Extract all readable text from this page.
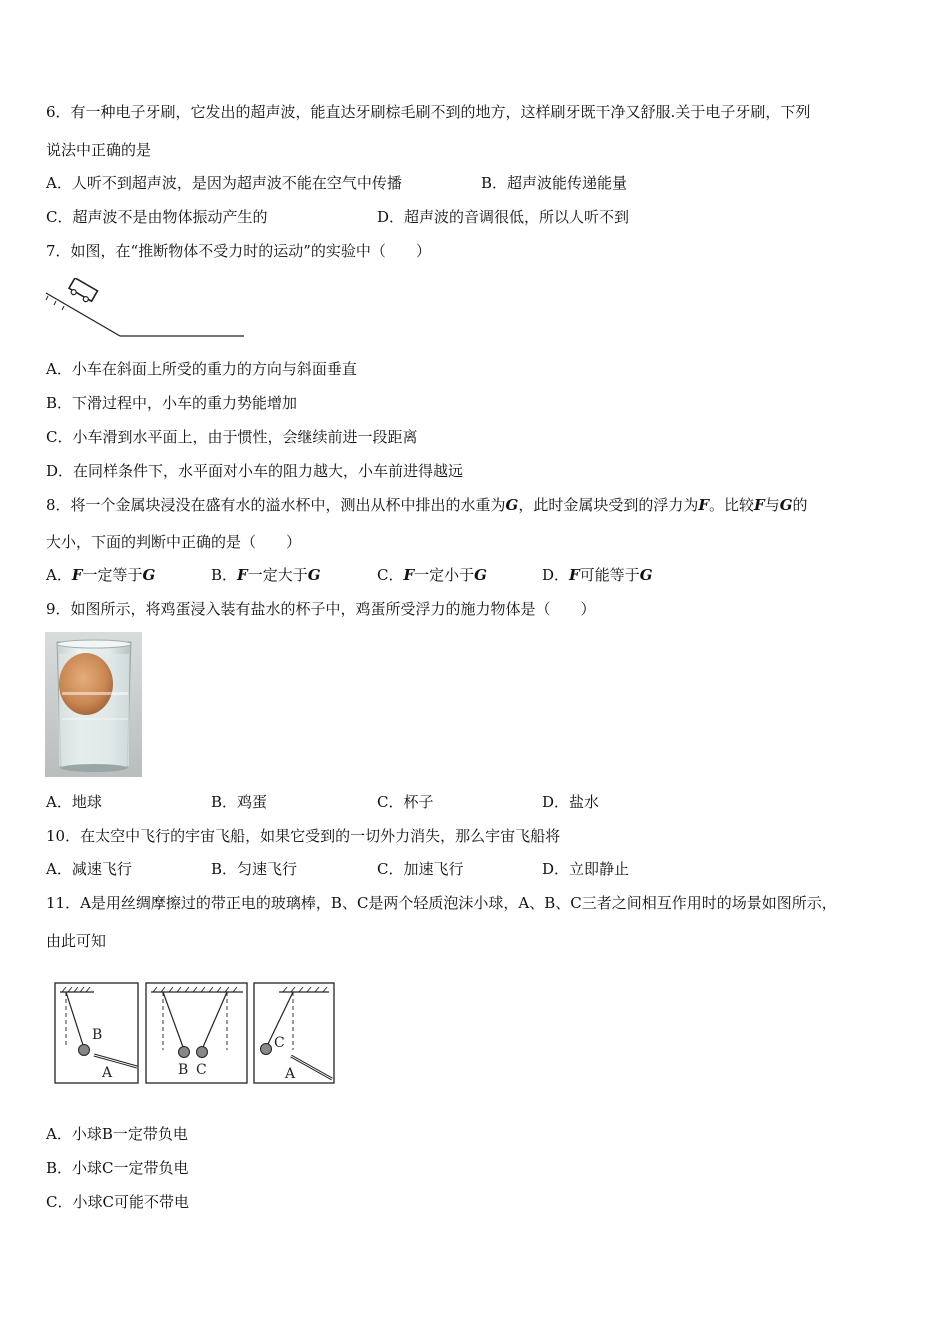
6．有一种电子牙刷，它发出的超声波，能直达牙刷棕毛刷不到的地方，这样刷牙既干净又舒服.关于电子牙刷，下列
说法中正确的是
A．人听不到超声波，是因为超声波不能在空气中传播	B．超声波能传递能量
C．超声波不是由物体振动产生的	D．超声波的音调很低，所以人听不到
7．如图，在“推断物体不受力时的运动”的实验中（　　）
A．小车在斜面上所受的重力的方向与斜面垂直
B．下滑过程中，小车的重力势能增加
C．小车滑到水平面上，由于惯性，会继续前进一段距离
D．在同样条件下，水平面对小车的阻力越大，小车前进得越远
8．将一个金属块浸没在盛有水的溢水杯中，测出从杯中排出的水重为G，此时金属块受到的浮力为F。比较F与G的
大小，下面的判断中正确的是（　　）
A．F一定等于G	B．F一定大于G	C．F一定小于G	D．F可能等于G
9．如图所示，将鸡蛋浸入装有盐水的杯子中，鸡蛋所受浮力的施力物体是（　　）
A．地球	B．鸡蛋	C．杯子	D．盐水
10．在太空中飞行的宇宙飞船，如果它受到的一切外力消失，那么宇宙飞船将
A．减速飞行	B．匀速飞行	C．加速飞行	D．立即静止
11．A是用丝绸摩擦过的带正电的玻璃棒，B、C是两个轻质泡沫小球，A、B、C三者之间相互作用时的场景如图所示，
由此可知
B
A	B C
C
A
A．小球B一定带负电
B．小球C一定带负电
C．小球C可能不带电
